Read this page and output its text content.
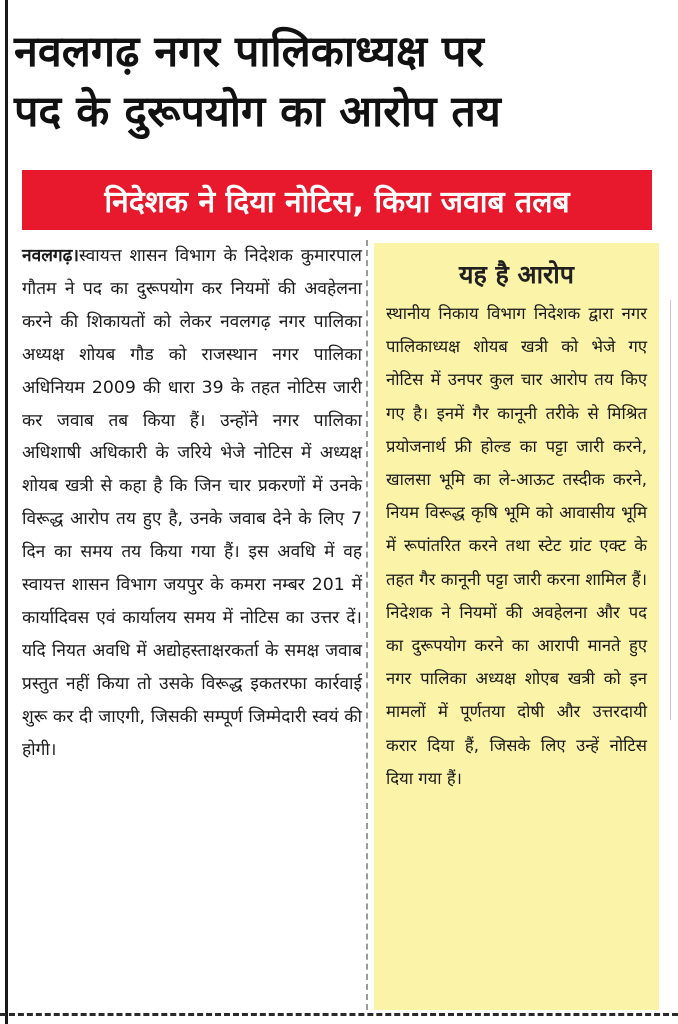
नवलगढ़ नगर पालिकाध्यक्ष पर
पद के दुरूपयोग का आरोप तय
निदेशक ने दिया नोटिस, किया जवाब तलब
नवलगढ़।स्वायत्त शासन विभाग के निदेशक कुमारपाल गौतम ने पद का दुरूपयोग कर नियमों की अवहेलना करने की शिकायतों को लेकर नवलगढ़ नगर पालिका अध्यक्ष शोयब गौड को राजस्थान नगर पालिका अधिनियम 2009 की धारा 39 के तहत नोटिस जारी कर जवाब तब किया हैं। उन्होंने नगर पालिका अधिशाषी अधिकारी के जरिये भेजे नोटिस में अध्यक्ष शोयब खत्री से कहा है कि जिन चार प्रकरणों में उनके विरूद्ध आरोप तय हुए है, उनके जवाब देने के लिए 7 दिन का समय तय किया गया हैं। इस अवधि में वह स्वायत्त शासन विभाग जयपुर के कमरा नम्बर 201 में कार्यादिवस एवं कार्यालय समय में नोटिस का उत्तर दें। यदि नियत अवधि में अद्योहस्ताक्षरकर्ता के समक्ष जवाब प्रस्तुत नहीं किया तो उसके विरूद्ध इकतरफा कार्रवाई शुरू कर दी जाएगी, जिसकी सम्पूर्ण जिम्मेदारी स्वयं की होगी।
यह है आरोप
स्थानीय निकाय विभाग निदेशक द्वारा नगर पालिकाध्यक्ष शोयब खत्री को भेजे गए नोटिस में उनपर कुल चार आरोप तय किए गए है। इनमें गैर कानूनी तरीके से मिश्रित प्रयोजनार्थ फ्री होल्ड का पट्टा जारी करने, खालसा भूमि का ले-आऊट तस्दीक करने, नियम विरूद्ध कृषि भूमि को आवासीय भूमि में रूपांतरित करने तथा स्टेट ग्रांट एक्ट के तहत गैर कानूनी पट्टा जारी करना शामिल हैं। निदेशक ने नियमों की अवहेलना और पद का दुरूपयोग करने का आरापी मानते हुए नगर पालिका अध्यक्ष शोएब खत्री को इन मामलों में पूर्णतया दोषी और उत्तरदायी करार दिया हैं, जिसके लिए उन्हें नोटिस दिया गया हैं।
